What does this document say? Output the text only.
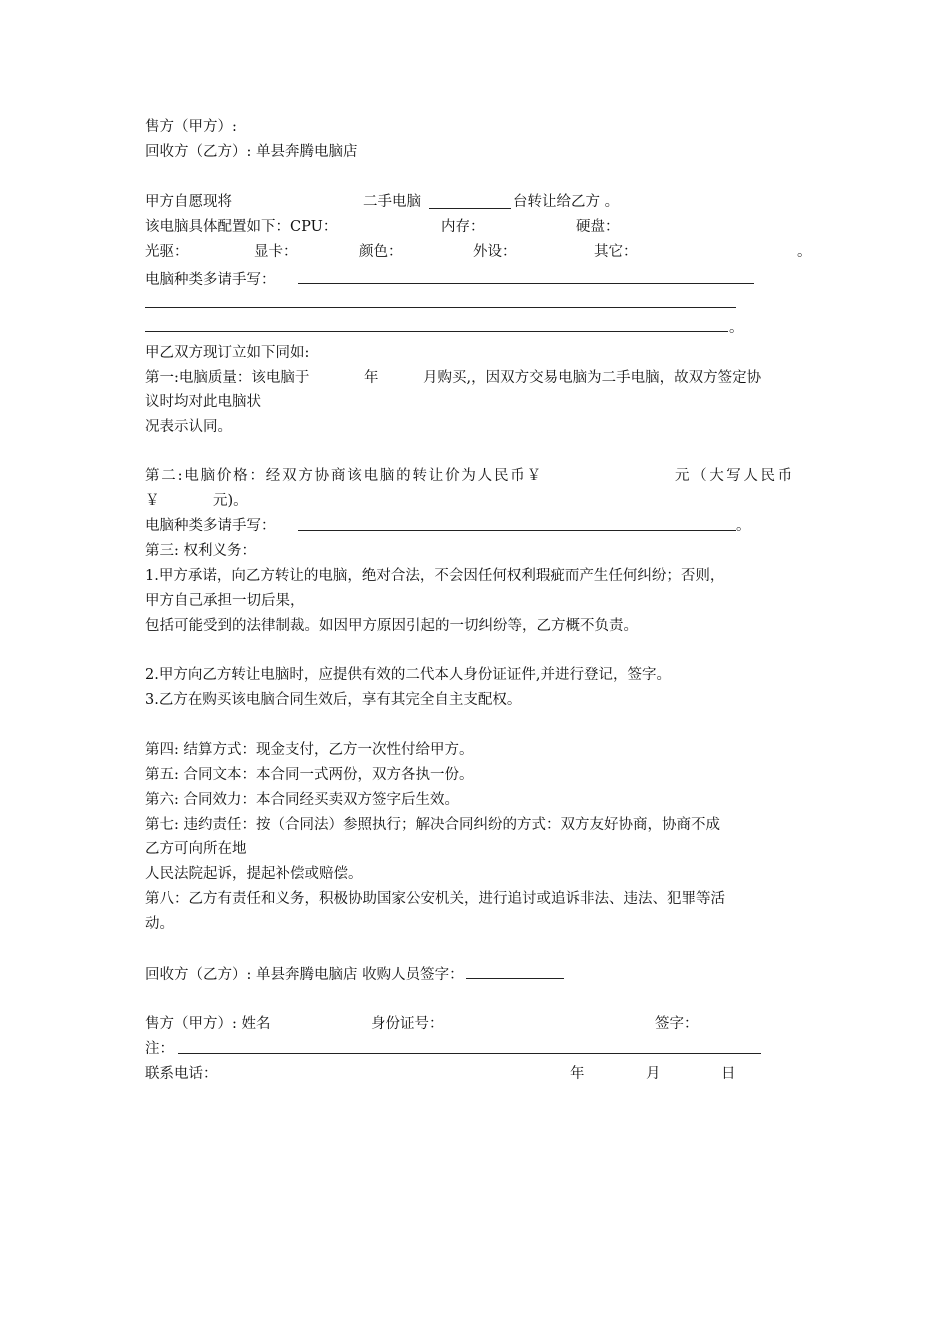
售方（甲方）:
回收方（乙方）: 单县奔腾电脑店
甲方自愿现将	二手电脑	台转让给乙方 。
该电脑具体配置如下：CPU：	内存：	硬盘：
光驱：	显卡：	颜色：	外设：	其它：	。
电脑种类多请手写：
。
甲乙双方现订立如下同如:
第一:电脑质量：该电脑于	年	月购买,，因双方交易电脑为二手电脑，故双方签定协
议时均对此电脑状
况表示认同。
第二:电脑价格：经双方协商该电脑的转让价为人民币￥	元（大写人民币
￥	元)。
电脑种类多请手写：	。
第三: 权利义务：
1.甲方承诺，向乙方转让的电脑，绝对合法，不会因任何权利瑕疵而产生任何纠纷；否则，
甲方自己承担一切后果，
包括可能受到的法律制裁。如因甲方原因引起的一切纠纷等，乙方概不负责。
2.甲方向乙方转让电脑时，应提供有效的二代本人身份证证件,并进行登记，签字。
3.乙方在购买该电脑合同生效后，享有其完全自主支配权。
第四: 结算方式：现金支付，乙方一次性付给甲方。
第五: 合同文本：本合同一式两份，双方各执一份。
第六: 合同效力：本合同经买卖双方签字后生效。
第七: 违约责任：按（合同法）参照执行；解决合同纠纷的方式：双方友好协商，协商不成
乙方可向所在地
人民法院起诉，提起补偿或赔偿。
第八：乙方有责任和义务，积极协助国家公安机关，进行追讨或追诉非法、违法、犯罪等活
动。
回收方（乙方）: 单县奔腾电脑店 收购人员签字：
售方（甲方）: 姓名	身份证号：	签字：
注：
联系电话：	年	月	日
